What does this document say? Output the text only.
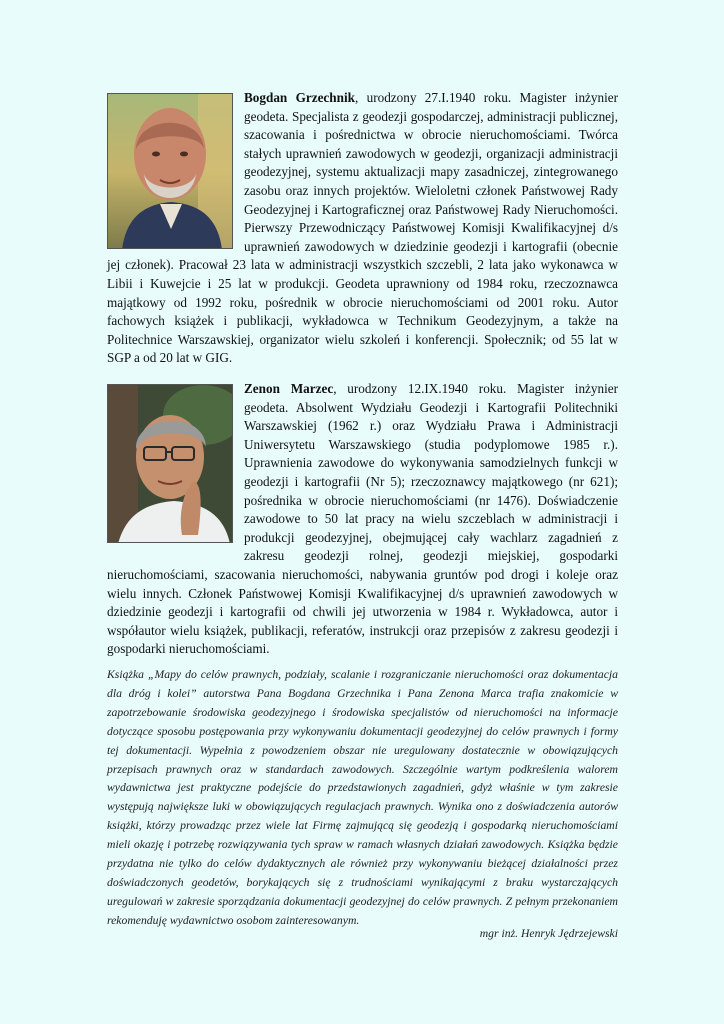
Bogdan Grzechnik, urodzony 27.I.1940 roku. Magister inżynier geodeta. Specjalista z geodezji gospodarczej, administracji publicznej, szacowania i pośrednictwa w obrocie nieruchomościami. Twórca stałych uprawnień zawodowych w geodezji, organizacji administracji geodezyjnej, systemu aktualizacji mapy zasadniczej, zintegrowanego zasobu oraz innych projektów. Wieloletni członek Państwowej Rady Geodezyjnej i Kartograficznej oraz Państwowej Rady Nieruchomości. Pierwszy Przewodniczący Państwowej Komisji Kwalifikacyjnej d/s uprawnień zawodowych w dziedzinie geodezji i kartografii (obecnie jej członek). Pracował 23 lata w administracji wszystkich szczebli, 2 lata jako wykonawca w Libii i Kuwejcie i 25 lat w produkcji. Geodeta uprawniony od 1984 roku, rzeczoznawca majątkowy od 1992 roku, pośrednik w obrocie nieruchomościami od 2001 roku. Autor fachowych książek i publikacji, wykładowca w Technikum Geodezyjnym, a także na Politechnice Warszawskiej, organizator wielu szkoleń i konferencji. Społecznik; od 55 lat w SGP a od 20 lat w GIG.
Zenon Marzec, urodzony 12.IX.1940 roku. Magister inżynier geodeta. Absolwent Wydziału Geodezji i Kartografii Politechniki Warszawskiej (1962 r.) oraz Wydziału Prawa i Administracji Uniwersytetu Warszawskiego (studia podyplomowe 1985 r.). Uprawnienia zawodowe do wykonywania samodzielnych funkcji w geodezji i kartografii (Nr 5); rzeczoznawcy majątkowego (nr 621); pośrednika w obrocie nieruchomościami (nr 1476). Doświadczenie zawodowe to 50 lat pracy na wielu szczeblach w administracji i produkcji geodezyjnej, obejmującej cały wachlarz zagadnień z zakresu geodezji rolnej, geodezji miejskiej, gospodarki nieruchomościami, szacowania nieruchomości, nabywania gruntów pod drogi i koleje oraz wielu innych. Członek Państwowej Komisji Kwalifikacyjnej d/s uprawnień zawodowych w dziedzinie geodezji i kartografii od chwili jej utworzenia w 1984 r. Wykładowca, autor i współautor wielu książek, publikacji, referatów, instrukcji oraz przepisów z zakresu geodezji i gospodarki nieruchomościami.
Książka „Mapy do celów prawnych, podziały, scalanie i rozgraniczanie nieruchomości oraz dokumentacja dla dróg i kolei” autorstwa Pana Bogdana Grzechnika i Pana Zenona Marca trafia znakomicie w zapotrzebowanie środowiska geodezyjnego i środowiska specjalistów od nieruchomości na informacje dotyczące sposobu postępowania przy wykonywaniu dokumentacji geodezyjnej do celów prawnych i formy tej dokumentacji. Wypełnia z powodzeniem obszar nie uregulowany dostatecznie w obowiązujących przepisach prawnych oraz w standardach zawodowych. Szczególnie wartym podkreślenia walorem wydawnictwa jest praktyczne podejście do przedstawionych zagadnień, gdyż właśnie w tym zakresie występują największe luki w obowiązujących regulacjach prawnych. Wynika ono z doświadczenia autorów książki, którzy prowadząc przez wiele lat Firmę zajmującą się geodezją i gospodarką nieruchomościami mieli okazję i potrzebę rozwiązywania tych spraw w ramach własnych działań zawodowych. Książka będzie przydatna nie tylko do celów dydaktycznych ale również przy wykonywaniu bieżącej działalności przez doświadczonych geodetów, borykających się z trudnościami wynikającymi z braku wystarczających uregulowań w zakresie sporządzania dokumentacji geodezyjnej do celów prawnych. Z pełnym przekonaniem rekomenduję wydawnictwo osobom zainteresowanym.
mgr inż. Henryk Jędrzejewski
